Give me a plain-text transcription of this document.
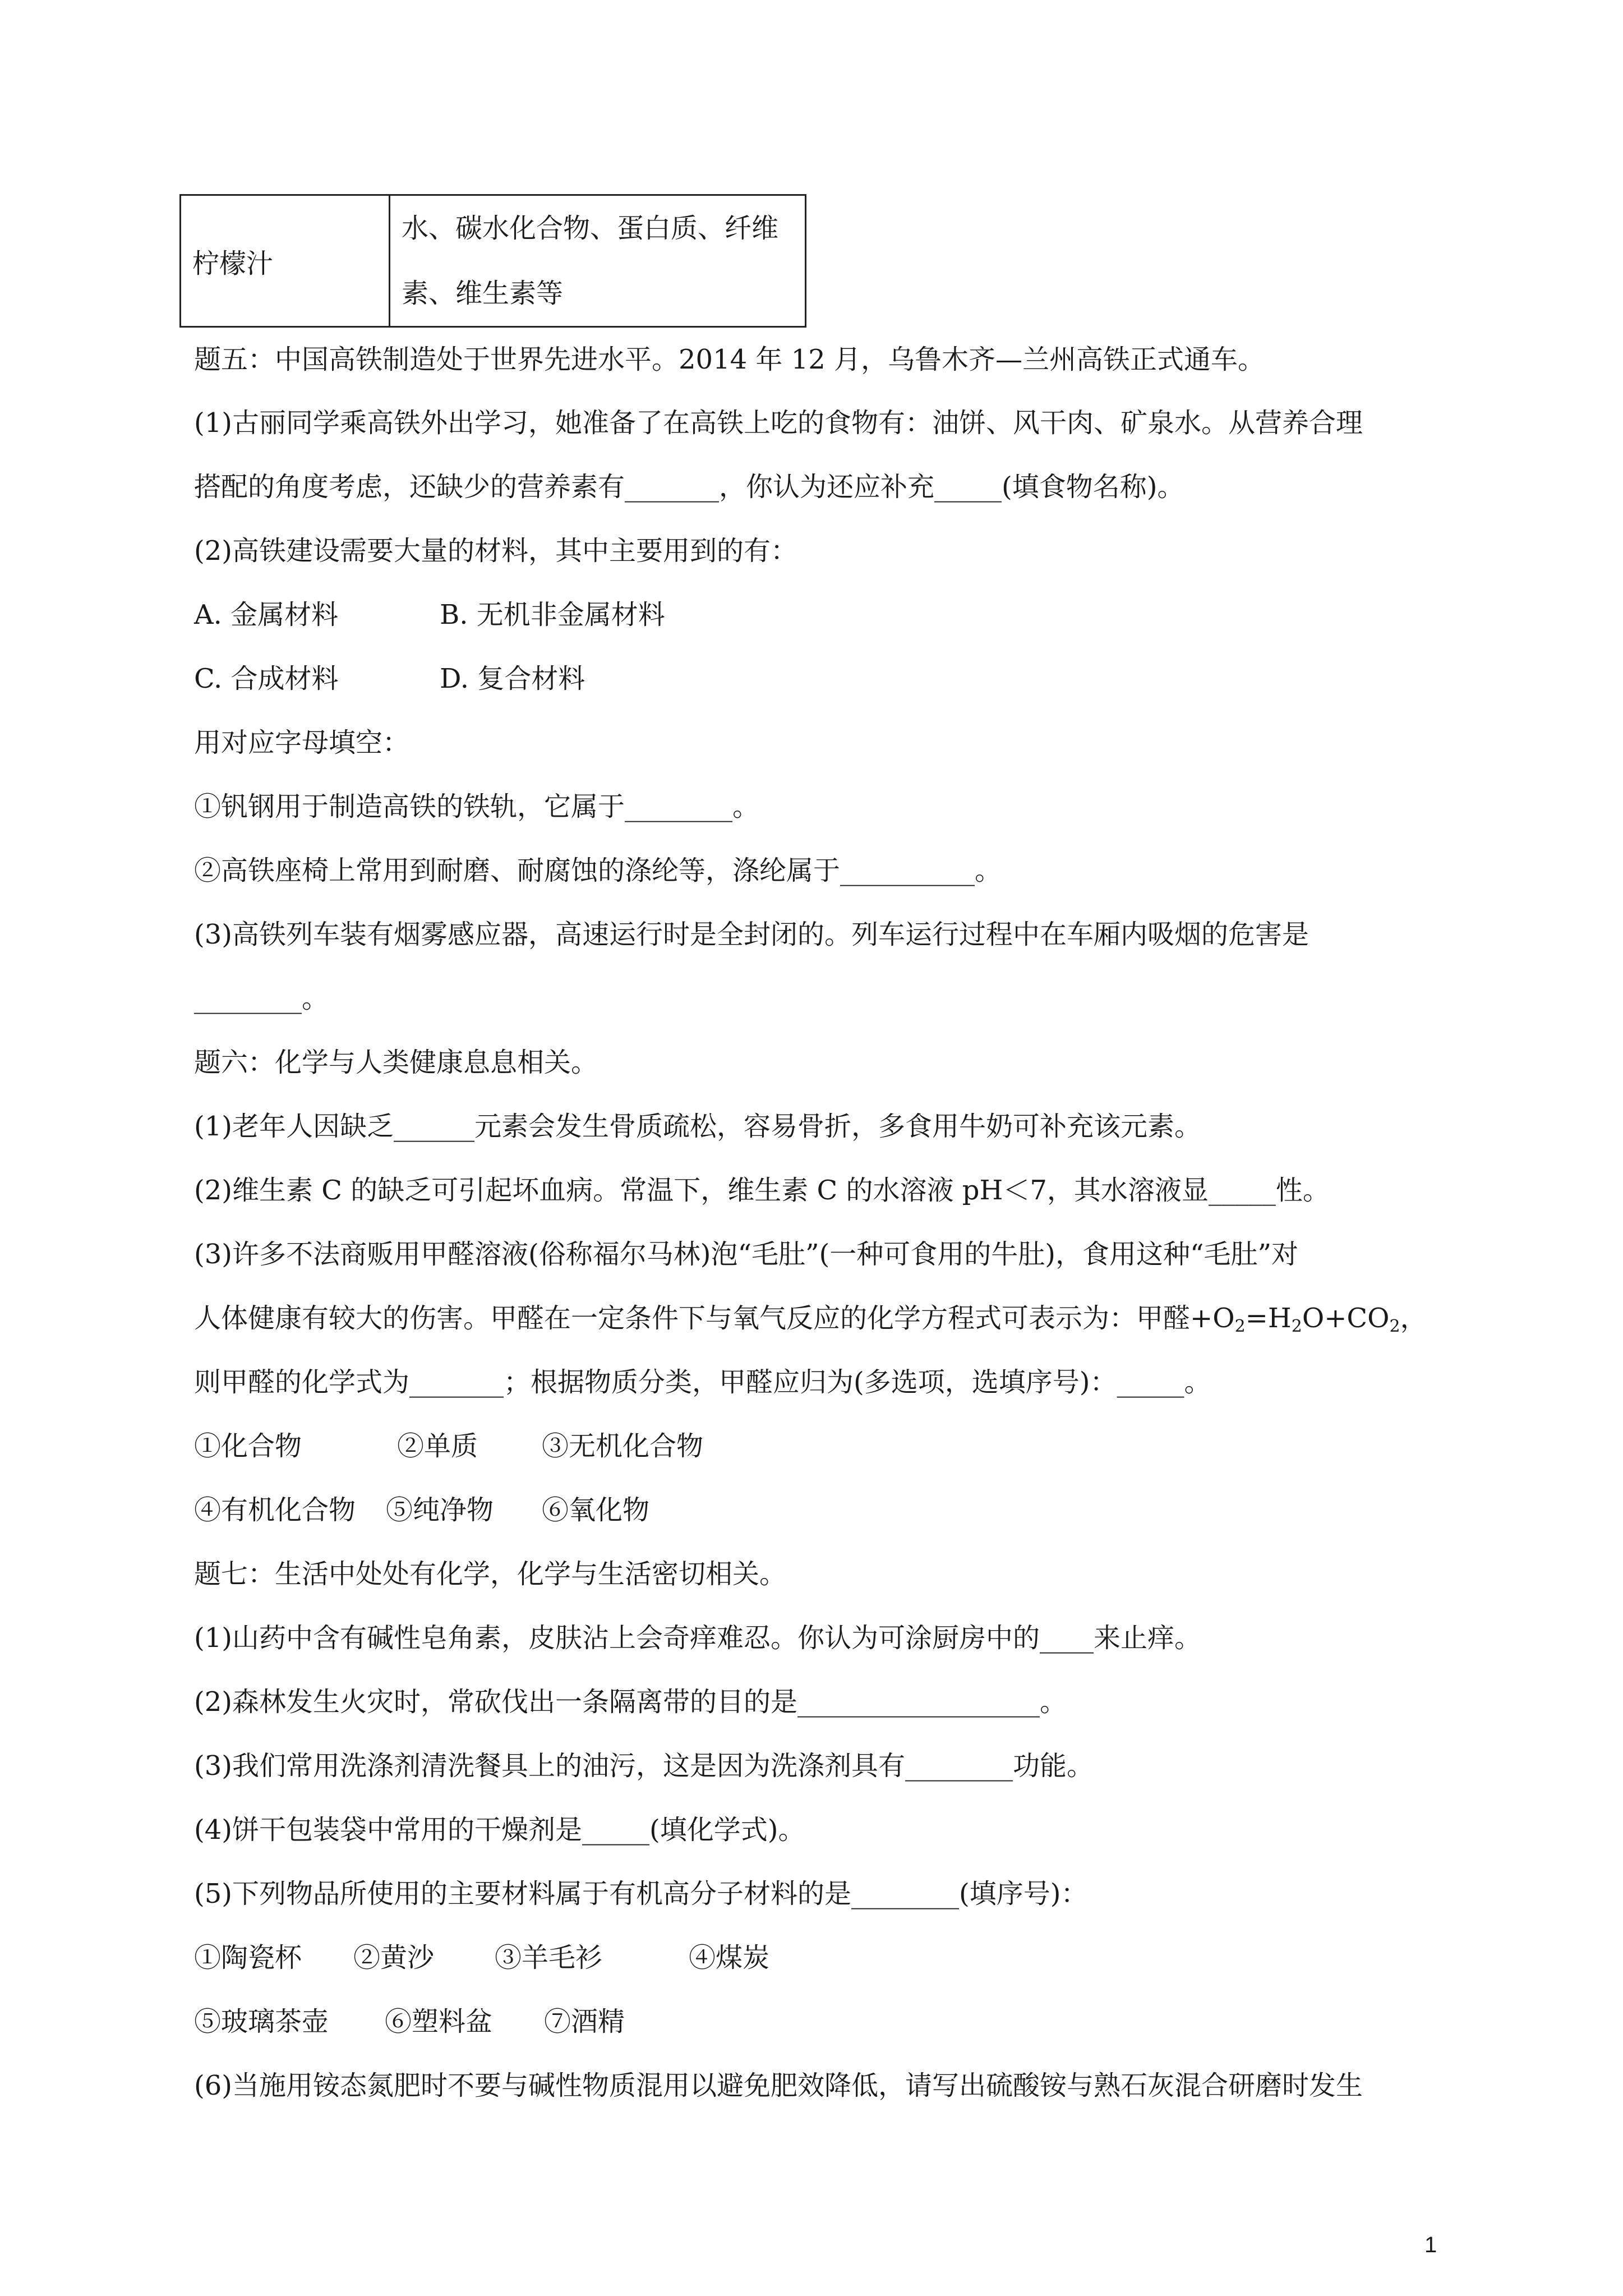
柠檬汁	水、碳水化合物、蛋白质、纤维素、维生素等
题五：中国高铁制造处于世界先进水平。2014 年 12 月，乌鲁木齐—兰州高铁正式通车。
(1)古丽同学乘高铁外出学习，她准备了在高铁上吃的食物有：油饼、风干肉、矿泉水。从营养合理
搭配的角度考虑，还缺少的营养素有_______，你认为还应补充_____(填食物名称)。
(2)高铁建设需要大量的材料，其中主要用到的有：
A. 金属材料	B. 无机非金属材料
C. 合成材料	D. 复合材料
用对应字母填空：
①钒钢用于制造高铁的铁轨，它属于________。
②高铁座椅上常用到耐磨、耐腐蚀的涤纶等，涤纶属于__________。
(3)高铁列车装有烟雾感应器，高速运行时是全封闭的。列车运行过程中在车厢内吸烟的危害是
________。
题六：化学与人类健康息息相关。
(1)老年人因缺乏______元素会发生骨质疏松，容易骨折，多食用牛奶可补充该元素。
(2)维生素 C 的缺乏可引起坏血病。常温下，维生素 C 的水溶液 pH＜7，其水溶液显_____性。
(3)许多不法商贩用甲醛溶液(俗称福尔马林)泡“毛肚”(一种可食用的牛肚)，食用这种“毛肚”对
人体健康有较大的伤害。甲醛在一定条件下与氧气反应的化学方程式可表示为：甲醛$+O_2=H_2O+CO_2$，
则甲醛的化学式为_______；根据物质分类，甲醛应归为(多选项，选填序号)：_____。
①化合物	②单质 ③无机化合物
④有机化合物 ⑤纯净物 ⑥氧化物
题七：生活中处处有化学，化学与生活密切相关。
(1)山药中含有碱性皂角素，皮肤沾上会奇痒难忍。你认为可涂厨房中的____来止痒。
(2)森林发生火灾时，常砍伐出一条隔离带的目的是__________________。
(3)我们常用洗涤剂清洗餐具上的油污，这是因为洗涤剂具有________功能。
(4)饼干包装袋中常用的干燥剂是_____(填化学式)。
(5)下列物品所使用的主要材料属于有机高分子材料的是________(填序号)：
①陶瓷杯 ②黄沙 ③羊毛衫	④煤炭
⑤玻璃茶壶 ⑥塑料盆 ⑦酒精
(6)当施用铵态氮肥时不要与碱性物质混用以避免肥效降低，请写出硫酸铵与熟石灰混合研磨时发生
1
